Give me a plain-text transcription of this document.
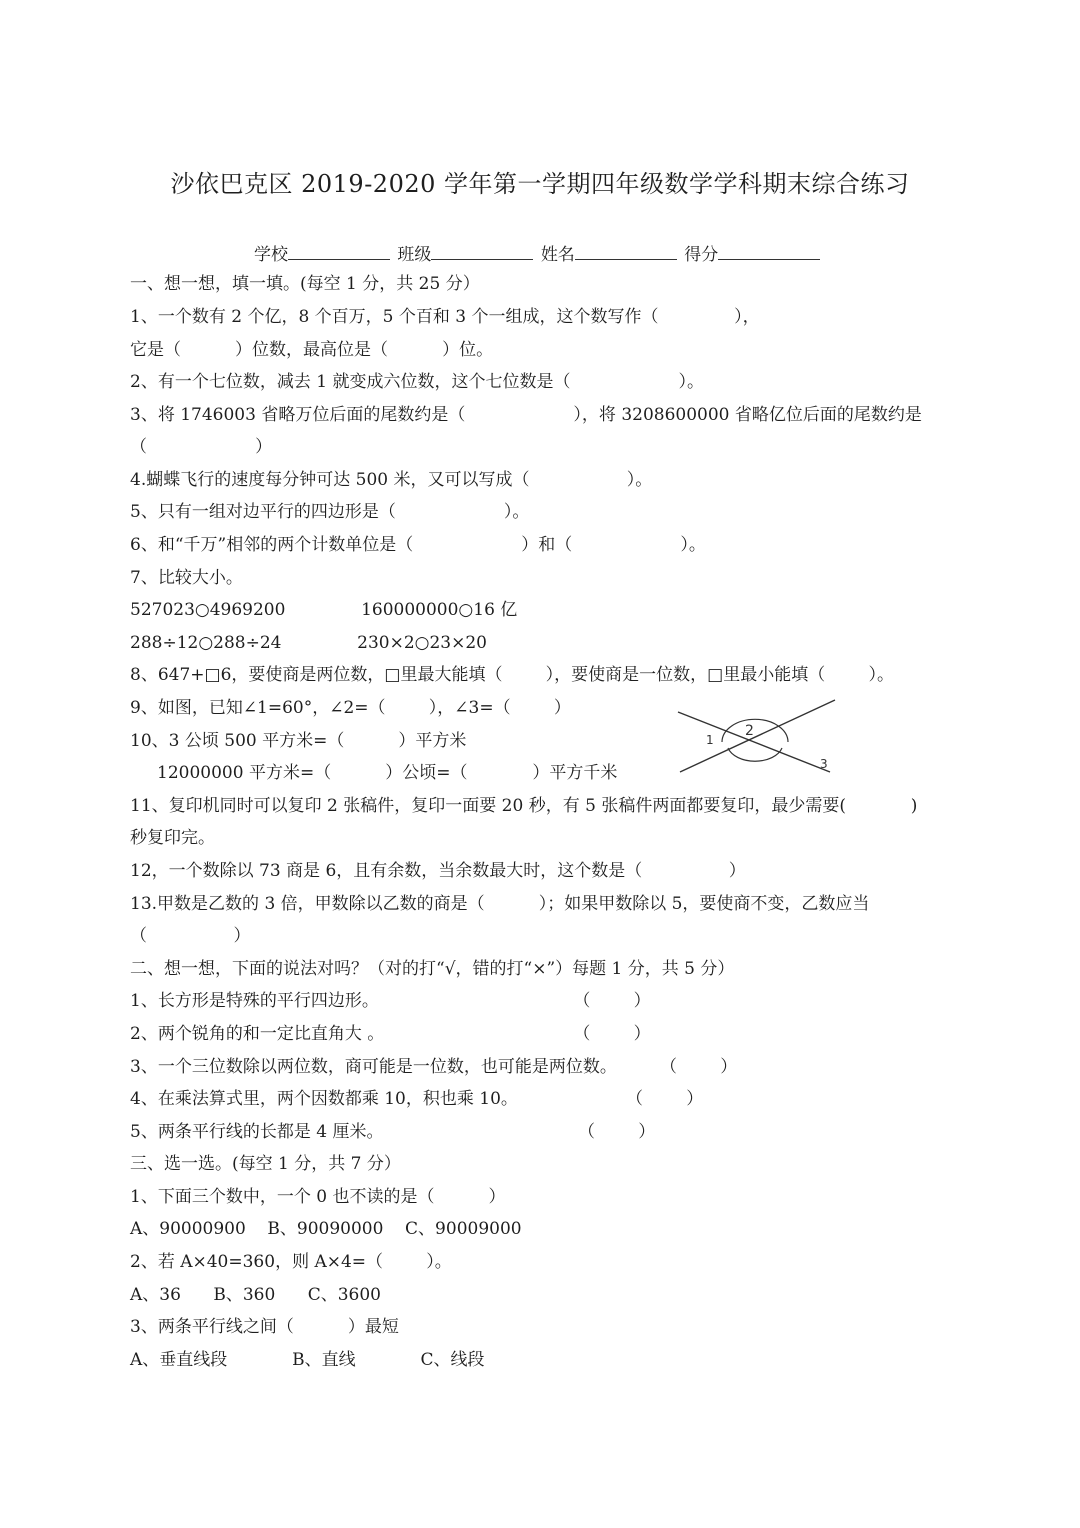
沙依巴克区 2019-2020 学年第一学期四年级数学学科期末综合练习
学校	班级	姓名	得分
一、想一想，填一填。(每空 1 分，共 25 分）
1、一个数有 2 个亿，8 个百万，5 个百和 3 个一组成，这个数写作（              ），
它是（          ）位数，最高位是（          ）位。
2、有一个七位数，减去 1 就变成六位数，这个七位数是（                    ）。
3、将 1746003 省略万位后面的尾数约是（                    ），将 3208600000 省略亿位后面的尾数约是
（                    ）
4.蝴蝶飞行的速度每分钟可达 500 米，又可以写成（                  ）。
5、只有一组对边平行的四边形是（                    ）。
6、和“千万”相邻的两个计数单位是（                    ）和（                    ）。
7、比较大小。
527023○4969200              160000000○16 亿
288÷12○288÷24              230×2○23×20
8、647+□6，要使商是两位数，□里最大能填（        ），要使商是一位数，□里最小能填（        ）。
9、如图，已知∠1=60°，∠2=（        ），∠3=（        ）
10、3 公顷 500 平方米=（          ）平方米
12000000 平方米=（          ）公顷=（            ）平方千米
11、复印机同时可以复印 2 张稿件，复印一面要 20 秒，有 5 张稿件两面都要复印，最少需要(            )
秒复印完。
12，一个数除以 73 商是 6，且有余数，当余数最大时，这个数是（                ）
13.甲数是乙数的 3 倍，甲数除以乙数的商是（          ）；如果甲数除以 5，要使商不变，乙数应当
（                ）
二、想一想，下面的说法对吗？（对的打“√，错的打“×”）每题 1 分，共 5 分）
1、长方形是特殊的平行四边形。                                    （        ）
2、两个锐角的和一定比直角大 。                                   （        ）
3、一个三位数除以两位数，商可能是一位数，也可能是两位数。        （        ）
4、在乘法算式里，两个因数都乘 10，积也乘 10。                    （        ）
5、两条平行线的长都是 4 厘米。                                    （        ）
三、选一选。(每空 1 分，共 7 分）
1、下面三个数中，一个 0 也不读的是（          ）
A、90000900    B、90090000    C、90009000
2、若 A×40=360，则 A×4=（        ）。
A、36      B、360      C、3600
3、两条平行线之间（          ）最短
A、垂直线段            B、直线            C、线段
1
2
3
